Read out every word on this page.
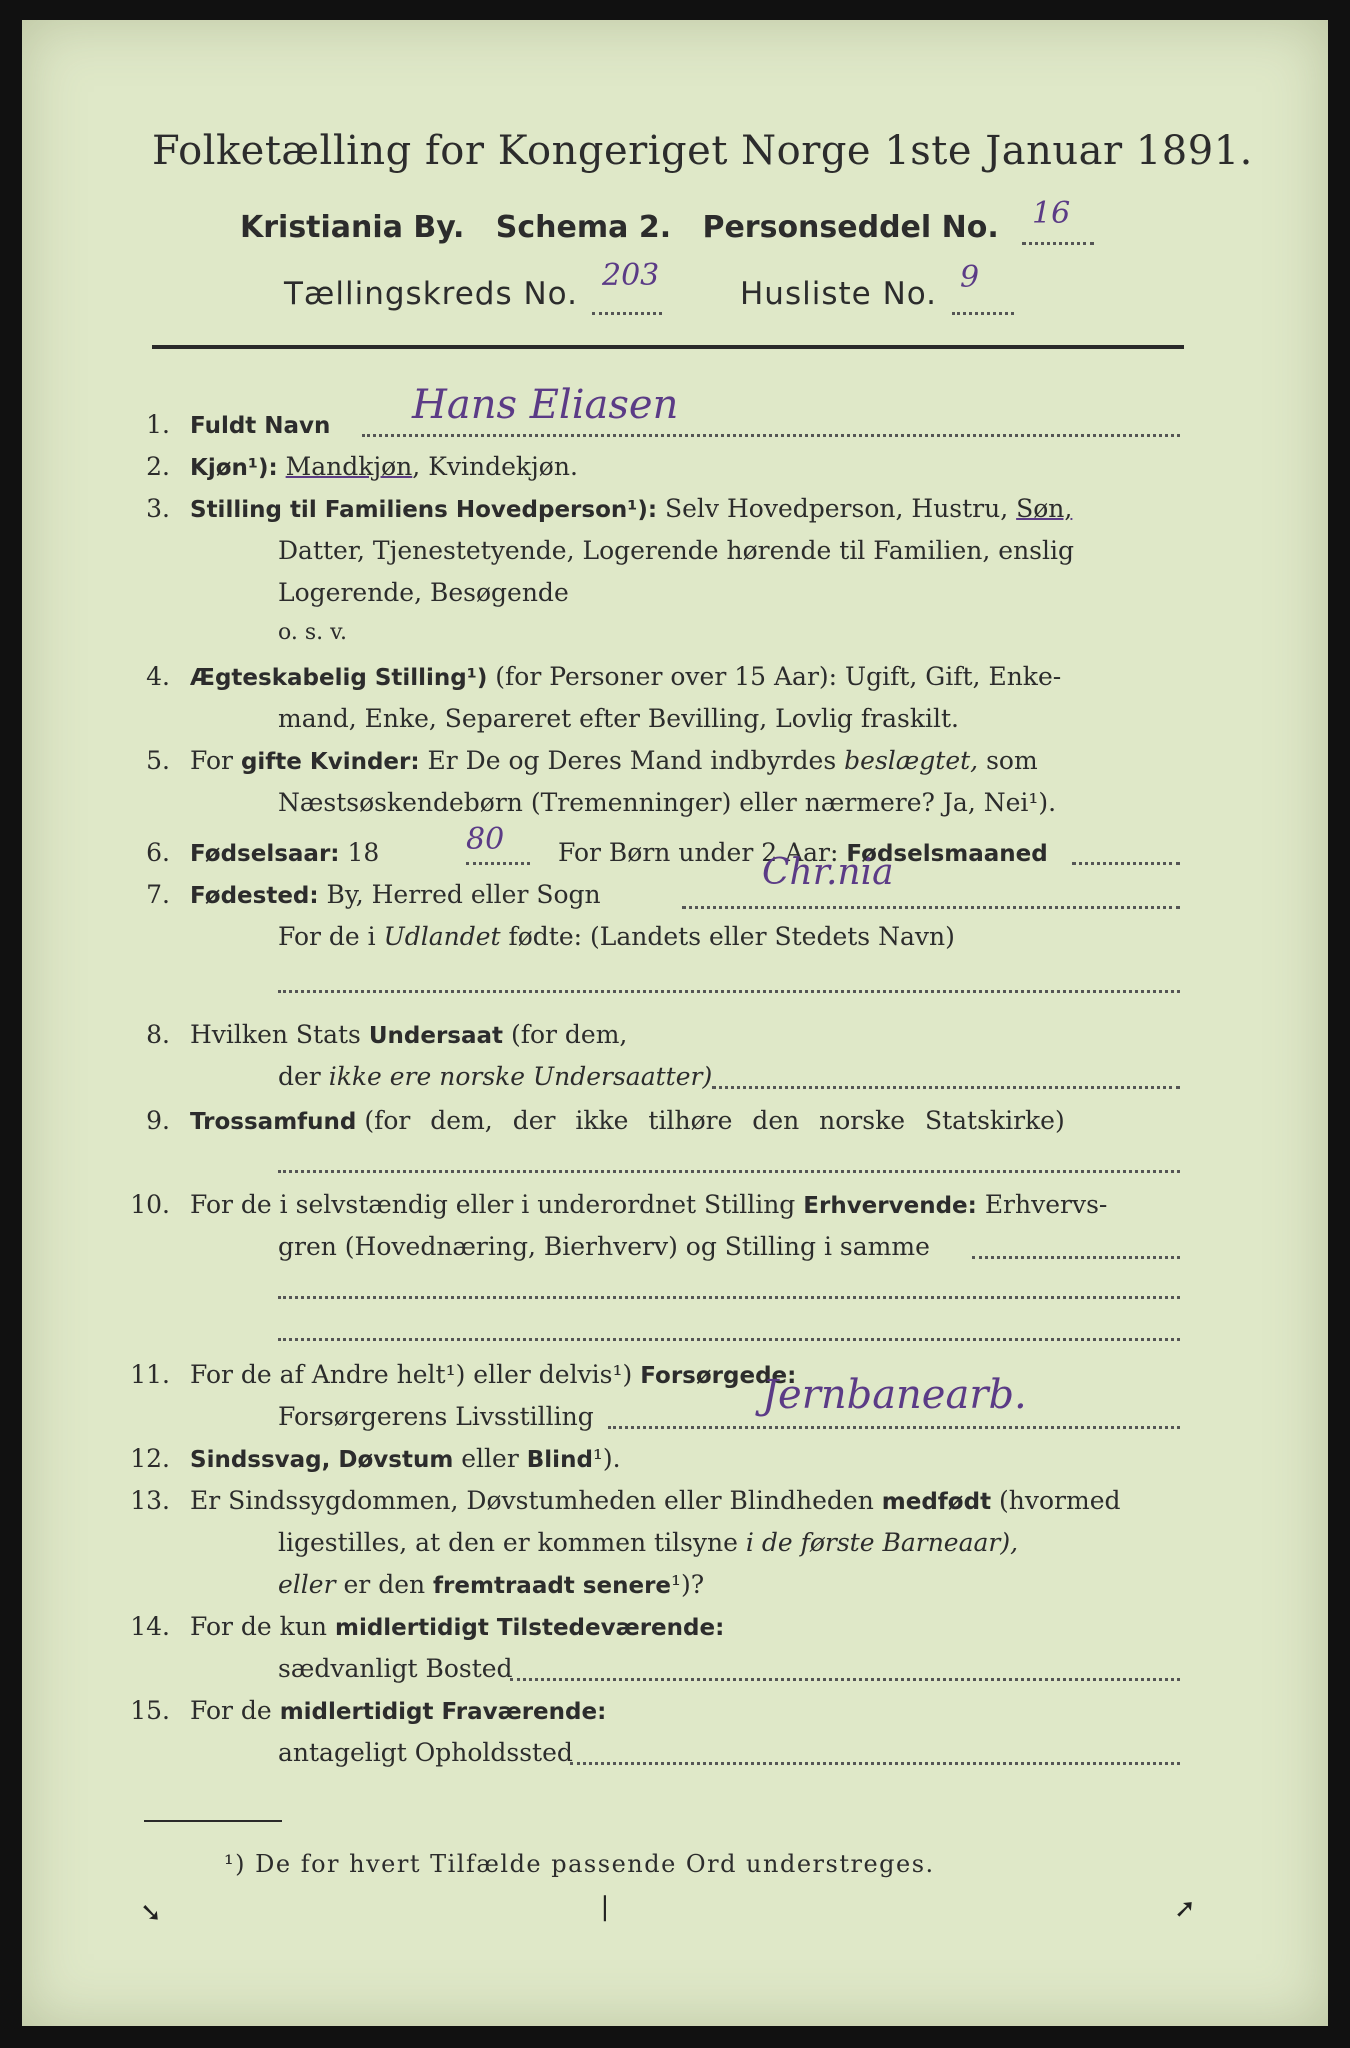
Folketælling for Kongeriget Norge 1ste Januar 1891.
Kristiania By. Schema 2. Personseddel No. 16
Tællingskreds No.
203
Husliste No. 9
1. Fuldt Navn Hans Eliasen
2. Kjøn¹): Mandkjøn, Kvindekjøn.
3. Stilling til Familiens Hovedperson¹): Selv Hovedperson, Hustru, Søn,
Datter, Tjenestetyende, Logerende hørende til Familien, enslig
Logerende, Besøgende
o. s. v.
4. Ægteskabelig Stilling¹) (for Personer over 15 Aar): Ugift, Gift, Enke-
mand, Enke, Separeret efter Bevilling, Lovlig fraskilt.
5. For gifte Kvinder: Er De og Deres Mand indbyrdes beslægtet, som
Næstsøskendebørn (Tremenninger) eller nærmere? Ja, Nei¹).
6. Fødselsaar: 18	80 For Børn under 2 Aar: Fødselsmaaned
7. Fødested: By, Herred eller Sogn
Chr.nia
For de i Udlandet fødte: (Landets eller Stedets Navn)
8. Hvilken Stats Undersaat (for dem,
der ikke ere norske Undersaatter)
9. Trossamfund (for dem, der ikke tilhøre den norske Statskirke)
10. For de i selvstændig eller i underordnet Stilling Erhvervende: Erhvervs-
gren (Hovednæring, Bierhverv) og Stilling i samme
11. For de af Andre helt¹) eller delvis¹) Forsørgede:
Forsørgerens Livsstilling	Jernbanearb.
12. Sindssvag, Døvstum eller Blind¹).
13. Er Sindssygdommen, Døvstumheden eller Blindheden medfødt (hvormed
ligestilles, at den er kommen tilsyne i de første Barneaar),
eller er den fremtraadt senere¹)?
14. For de kun midlertidigt Tilstedeværende:
sædvanligt Bosted
15. For de midlertidigt Fraværende:
antageligt Opholdssted
¹) De for hvert Tilfælde passende Ord understreges.
➘	❘	➚
